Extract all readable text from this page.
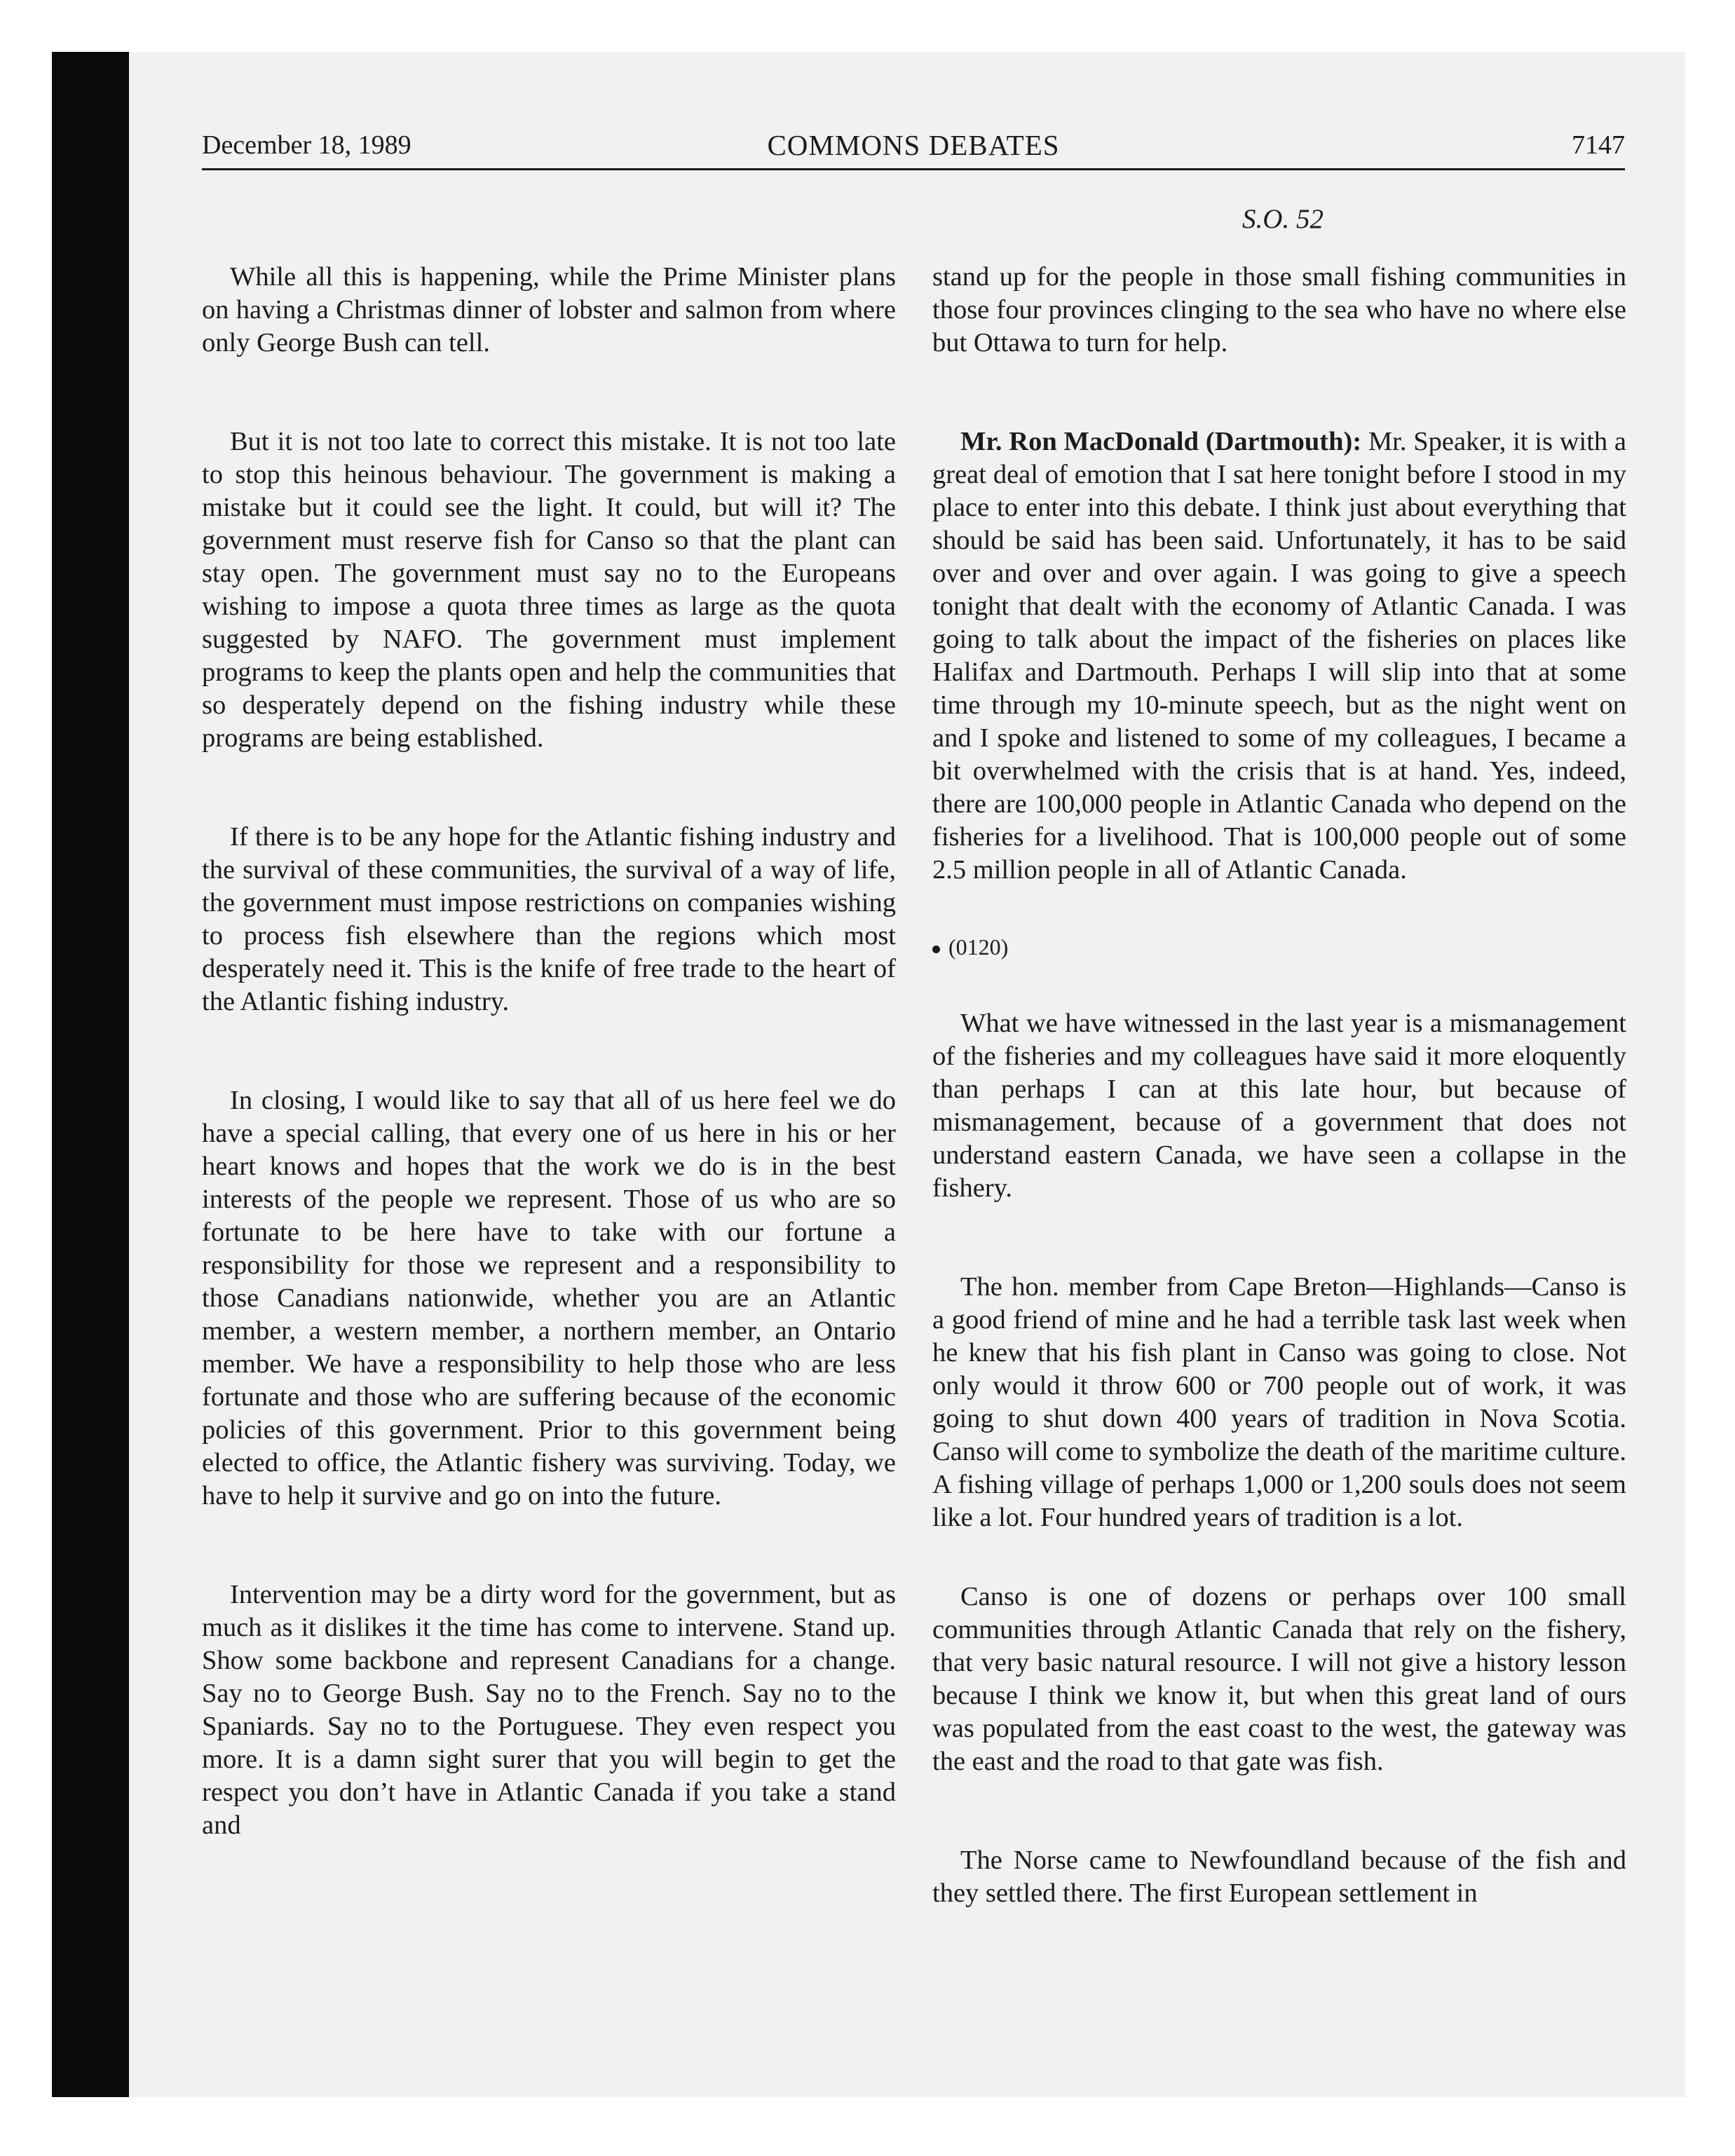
December 18, 1989	COMMONS DEBATES	7147
S.O. 52

While all this is happening, while the Prime Minister plans on having a Christmas dinner of lobster and salmon from where only George Bush can tell.

But it is not too late to correct this mistake. It is not too late to stop this heinous behaviour. The government is making a mistake but it could see the light. It could, but will it? The government must reserve fish for Canso so that the plant can stay open. The government must say no to the Europeans wishing to impose a quota three times as large as the quota suggested by NAFO. The government must implement programs to keep the plants open and help the communities that so desperately depend on the fishing industry while these programs are being established.

If there is to be any hope for the Atlantic fishing industry and the survival of these communities, the survival of a way of life, the government must impose restrictions on companies wishing to process fish elsewhere than the regions which most desperately need it. This is the knife of free trade to the heart of the Atlantic fishing industry.

In closing, I would like to say that all of us here feel we do have a special calling, that every one of us here in his or her heart knows and hopes that the work we do is in the best interests of the people we represent. Those of us who are so fortunate to be here have to take with our fortune a responsibility for those we represent and a responsibility to those Canadians nationwide, whether you are an Atlantic member, a western member, a northern member, an Ontario member. We have a responsibility to help those who are less fortunate and those who are suffering because of the economic policies of this government. Prior to this government being elected to office, the Atlantic fishery was surviving. Today, we have to help it survive and go on into the future.

Intervention may be a dirty word for the government, but as much as it dislikes it the time has come to intervene. Stand up. Show some backbone and represent Canadians for a change. Say no to George Bush. Say no to the French. Say no to the Spaniards. Say no to the Portuguese. They even respect you more. It is a damn sight surer that you will begin to get the respect you don’t have in Atlantic Canada if you take a stand and

stand up for the people in those small fishing communities in those four provinces clinging to the sea who have no where else but Ottawa to turn for help.

Mr. Ron MacDonald (Dartmouth): Mr. Speaker, it is with a great deal of emotion that I sat here tonight before I stood in my place to enter into this debate. I think just about everything that should be said has been said. Unfortunately, it has to be said over and over and over again. I was going to give a speech tonight that dealt with the economy of Atlantic Canada. I was going to talk about the impact of the fisheries on places like Halifax and Dartmouth. Perhaps I will slip into that at some time through my 10-minute speech, but as the night went on and I spoke and listened to some of my colleagues, I became a bit overwhelmed with the crisis that is at hand. Yes, indeed, there are 100,000 people in Atlantic Canada who depend on the fisheries for a livelihood. That is 100,000 people out of some 2.5 million people in all of Atlantic Canada.

(0120)

What we have witnessed in the last year is a mismanagement of the fisheries and my colleagues have said it more eloquently than perhaps I can at this late hour, but because of mismanagement, because of a government that does not understand eastern Canada, we have seen a collapse in the fishery.

The hon. member from Cape Breton—Highlands—Canso is a good friend of mine and he had a terrible task last week when he knew that his fish plant in Canso was going to close. Not only would it throw 600 or 700 people out of work, it was going to shut down 400 years of tradition in Nova Scotia. Canso will come to symbolize the death of the maritime culture. A fishing village of perhaps 1,000 or 1,200 souls does not seem like a lot. Four hundred years of tradition is a lot.

Canso is one of dozens or perhaps over 100 small communities through Atlantic Canada that rely on the fishery, that very basic natural resource. I will not give a history lesson because I think we know it, but when this great land of ours was populated from the east coast to the west, the gateway was the east and the road to that gate was fish.

The Norse came to Newfoundland because of the fish and they settled there. The first European settlement in
